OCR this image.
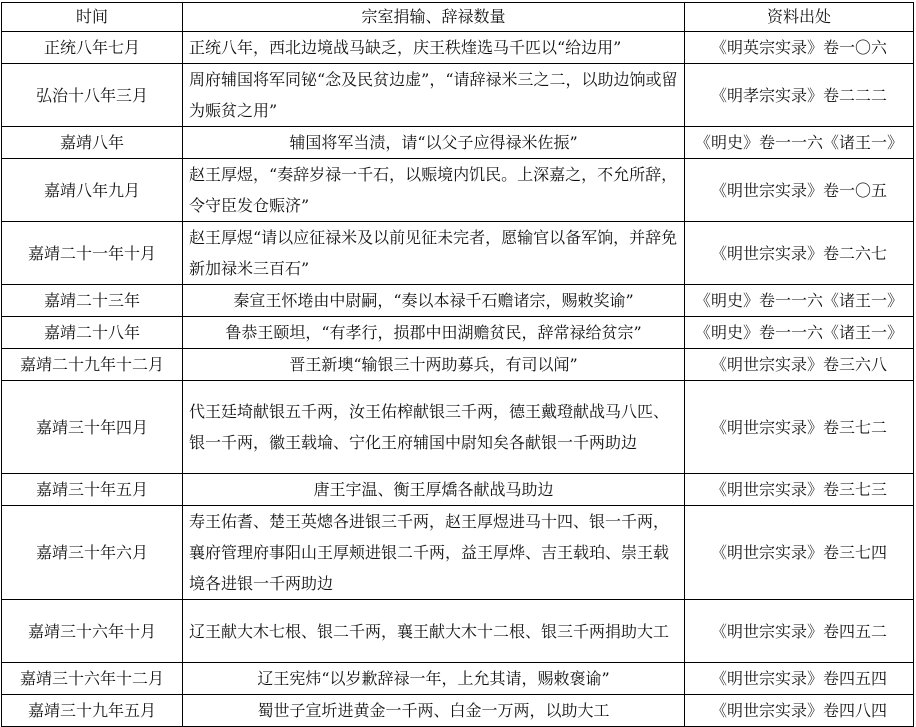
时间	宗室捐输、辞禄数量	资料出处
正统八年七月	正统八年，西北边境战马缺乏，庆王秩煃选马千匹以“给边用”	《明英宗实录》卷一〇六
弘治十八年三月	周府辅国将军同铋“念及民贫边虚”，“请辞禄米三之二，以助边饷或留为赈贫之用”	《明孝宗实录》卷二二二
嘉靖八年	辅国将军当渍，请“以父子应得禄米佐振”	《明史》卷一一六《诸王一》
嘉靖八年九月	赵王厚煜，“奏辞岁禄一千石，以赈境内饥民。上深嘉之，不允所辞，令守臣发仓赈济”	《明世宗实录》卷一〇五
嘉靖二十一年十月	赵王厚煜“请以应征禄米及以前见征未完者，愿输官以备军饷，并辞免新加禄米三百石”	《明世宗实录》卷二六七
嘉靖二十三年	秦宣王怀埢由中尉嗣，“奏以本禄千石赡诸宗，赐敕奖谕”	《明史》卷一一六《诸王一》
嘉靖二十八年	鲁恭王颐坦，“有孝行，损郡中田湖赡贫民，辞常禄给贫宗”	《明史》卷一一六《诸王一》
嘉靖二十九年十二月	晋王新墺“输银三十两助募兵，有司以闻”	《明世宗实录》卷三六八
嘉靖三十年四月	代王廷埼献银五千两，汝王佑榨献银三千两，德王戴璒献战马八匹、银一千两，徽王载埨、宁化王府辅国中尉知矣各献银一千两助边	《明世宗实录》卷三七二
嘉靖三十年五月	唐王宇温、衡王厚燆各献战马助边	《明世宗实录》卷三七三
嘉靖三十年六月	寿王佑耆、楚王英熜各进银三千两，赵王厚煜进马十四、银一千两，襄府管理府事阳山王厚颊进银二千两，益王厚烨、吉王载珀、崇王载境各进银一千两助边	《明世宗实录》卷三七四
嘉靖三十六年十月	辽王献大木七根、银二千两，襄王献大木十二根、银三千两捐助大工	《明世宗实录》卷四五二
嘉靖三十六年十二月	辽王宪炜“以岁歉辞禄一年，上允其请，赐敕褒谕”	《明世宗实录》卷四五四
嘉靖三十九年五月	蜀世子宣圻进黄金一千两、白金一万两，以助大工	《明世宗实录》卷四八四
